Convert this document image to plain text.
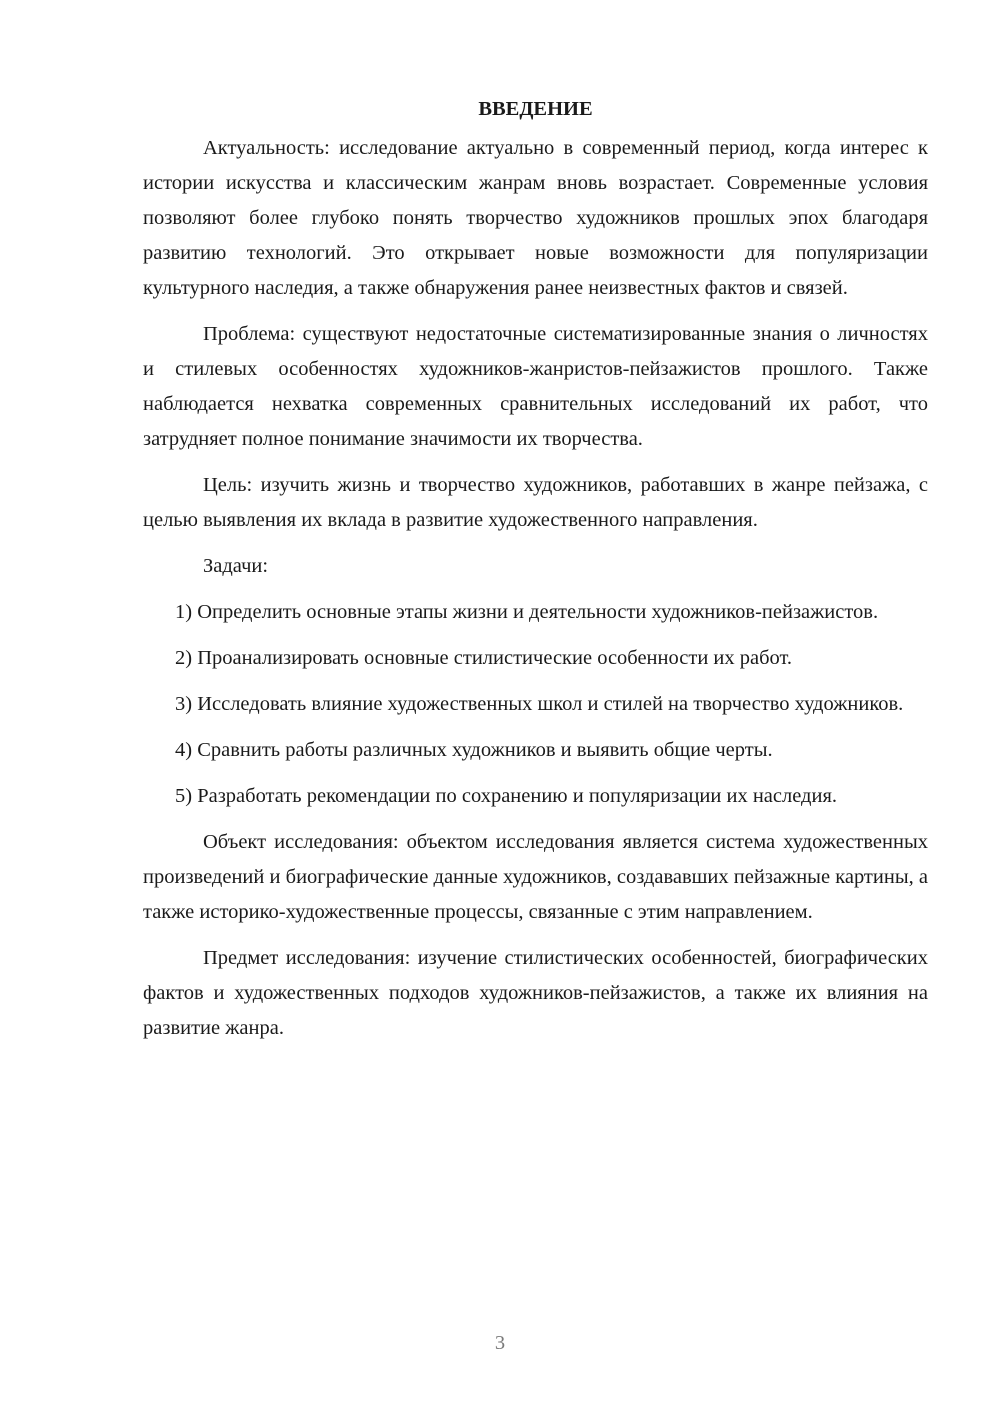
ВВЕДЕНИЕ

Актуальность: исследование актуально в современный период, когда интерес к истории искусства и классическим жанрам вновь возрастает. Современные условия позволяют более глубоко понять творчество художников прошлых эпох благодаря развитию технологий. Это открывает новые возможности для популяризации культурного наследия, а также обнаружения ранее неизвестных фактов и связей.

Проблема: существуют недостаточные систематизированные знания о личностях и стилевых особенностях художников-жанристов-пейзажистов прошлого. Также наблюдается нехватка современных сравнительных исследований их работ, что затрудняет полное понимание значимости их творчества.

Цель: изучить жизнь и творчество художников, работавших в жанре пейзажа, с целью выявления их вклада в развитие художественного направления.

Задачи:

1) Определить основные этапы жизни и деятельности художников-пейзажистов.

2) Проанализировать основные стилистические особенности их работ.

3) Исследовать влияние художественных школ и стилей на творчество художников.

4) Сравнить работы различных художников и выявить общие черты.

5) Разработать рекомендации по сохранению и популяризации их наследия.

Объект исследования: объектом исследования является система художественных произведений и биографические данные художников, создававших пейзажные картины, а также историко-художественные процессы, связанные с этим направлением.

Предмет исследования: изучение стилистических особенностей, биографических фактов и художественных подходов художников-пейзажистов, а также их влияния на развитие жанра.

3
